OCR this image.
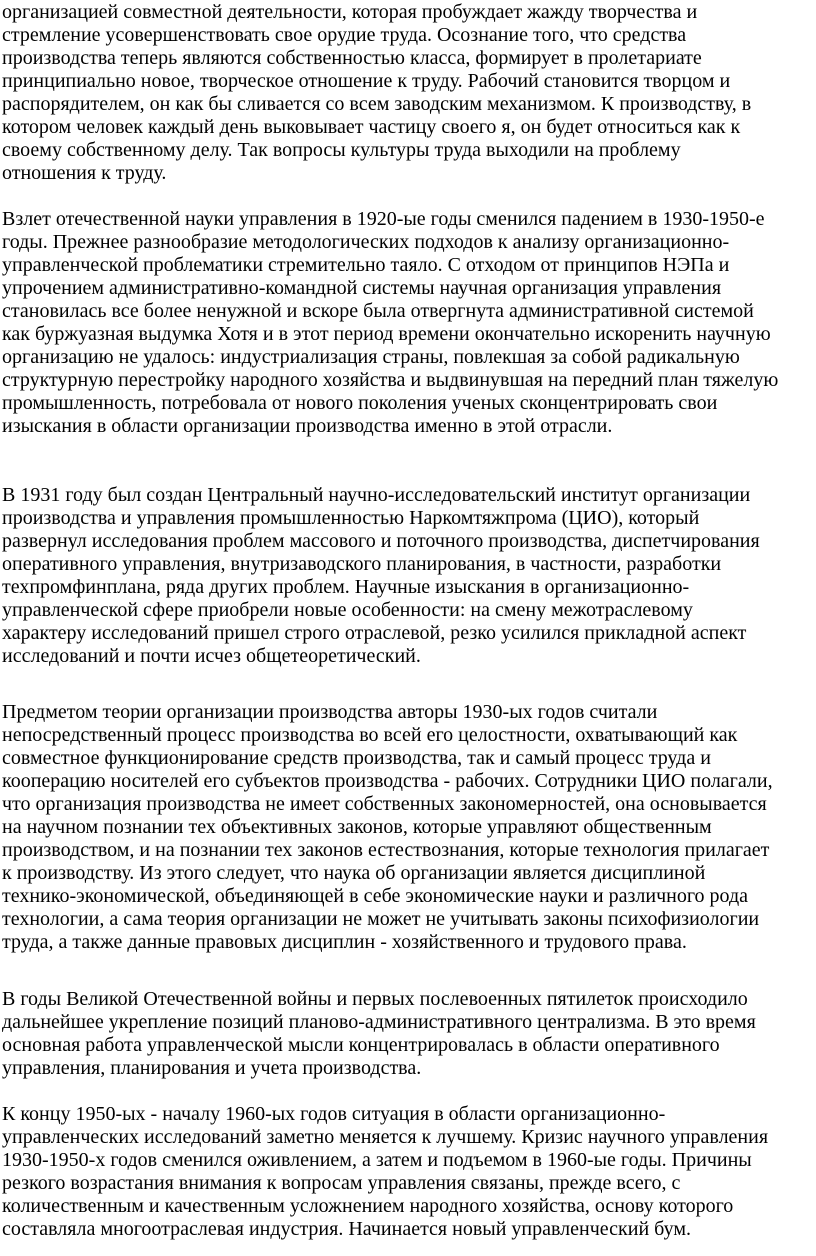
организацией совместной деятельности, которая пробуждает жажду творчества и

стремление усовершенствовать свое орудие труда. Осознание того, что средства

производства теперь являются собственностью класса, формирует в пролетариате

принципиально новое, творческое отношение к труду. Рабочий становится творцом и

распорядителем, он как бы сливается со всем заводским механизмом. К производству, в

котором человек каждый день выковывает частицу своего я, он будет относиться как к

своему собственному делу. Так вопросы культуры труда выходили на проблему

отношения к труду.

Взлет отечественной науки управления в 1920-ые годы сменился падением в 1930-1950-е

годы. Прежнее разнообразие методологических подходов к анализу организационно-

управленческой проблематики стремительно таяло. С отходом от принципов НЭПа и

упрочением административно-командной системы научная организация управления

становилась все более ненужной и вскоре была отвергнута административной системой

как буржуазная выдумка Хотя и в этот период времени окончательно искоренить научную

организацию не удалось: индустриализация страны, повлекшая за собой радикальную

структурную перестройку народного хозяйства и выдвинувшая на передний план тяжелую

промышленность, потребовала от нового поколения ученых сконцентрировать свои

изыскания в области организации производства именно в этой отрасли.

В 1931 году был создан Центральный научно-исследовательский институт организации

производства и управления промышленностью Наркомтяжпрома (ЦИО), который

развернул исследования проблем массового и поточного производства, диспетчирования

оперативного управления, внутризаводского планирования, в частности, разработки

техпромфинплана, ряда других проблем. Научные изыскания в организационно-

управленческой сфере приобрели новые особенности: на смену межотраслевому

характеру исследований пришел строго отраслевой, резко усилился прикладной аспект

исследований и почти исчез общетеоретический.

Предметом теории организации производства авторы 1930-ых годов считали

непосредственный процесс производства во всей его целостности, охватывающий как

совместное функционирование средств производства, так и самый процесс труда и

кооперацию носителей его субъектов производства - рабочих. Сотрудники ЦИО полагали,

что организация производства не имеет собственных закономерностей, она основывается

на научном познании тех объективных законов, которые управляют общественным

производством, и на познании тех законов естествознания, которые технология прилагает

к производству. Из этого следует, что наука об организации является дисциплиной

технико-экономической, объединяющей в себе экономические науки и различного рода

технологии, а сама теория организации не может не учитывать законы психофизиологии

труда, а также данные правовых дисциплин - хозяйственного и трудового права.

В годы Великой Отечественной войны и первых послевоенных пятилеток происходило

дальнейшее укрепление позиций планово-административного централизма. В это время

основная работа управленческой мысли концентрировалась в области оперативного

управления, планирования и учета производства.

К концу 1950-ых - началу 1960-ых годов ситуация в области организационно-

управленческих исследований заметно меняется к лучшему. Кризис научного управления

1930-1950-х годов сменился оживлением, а затем и подъемом в 1960-ые годы. Причины

резкого возрастания внимания к вопросам управления связаны, прежде всего, с

количественным и качественным усложнением народного хозяйства, основу которого

составляла многоотраслевая индустрия. Начинается новый управленческий бум.
